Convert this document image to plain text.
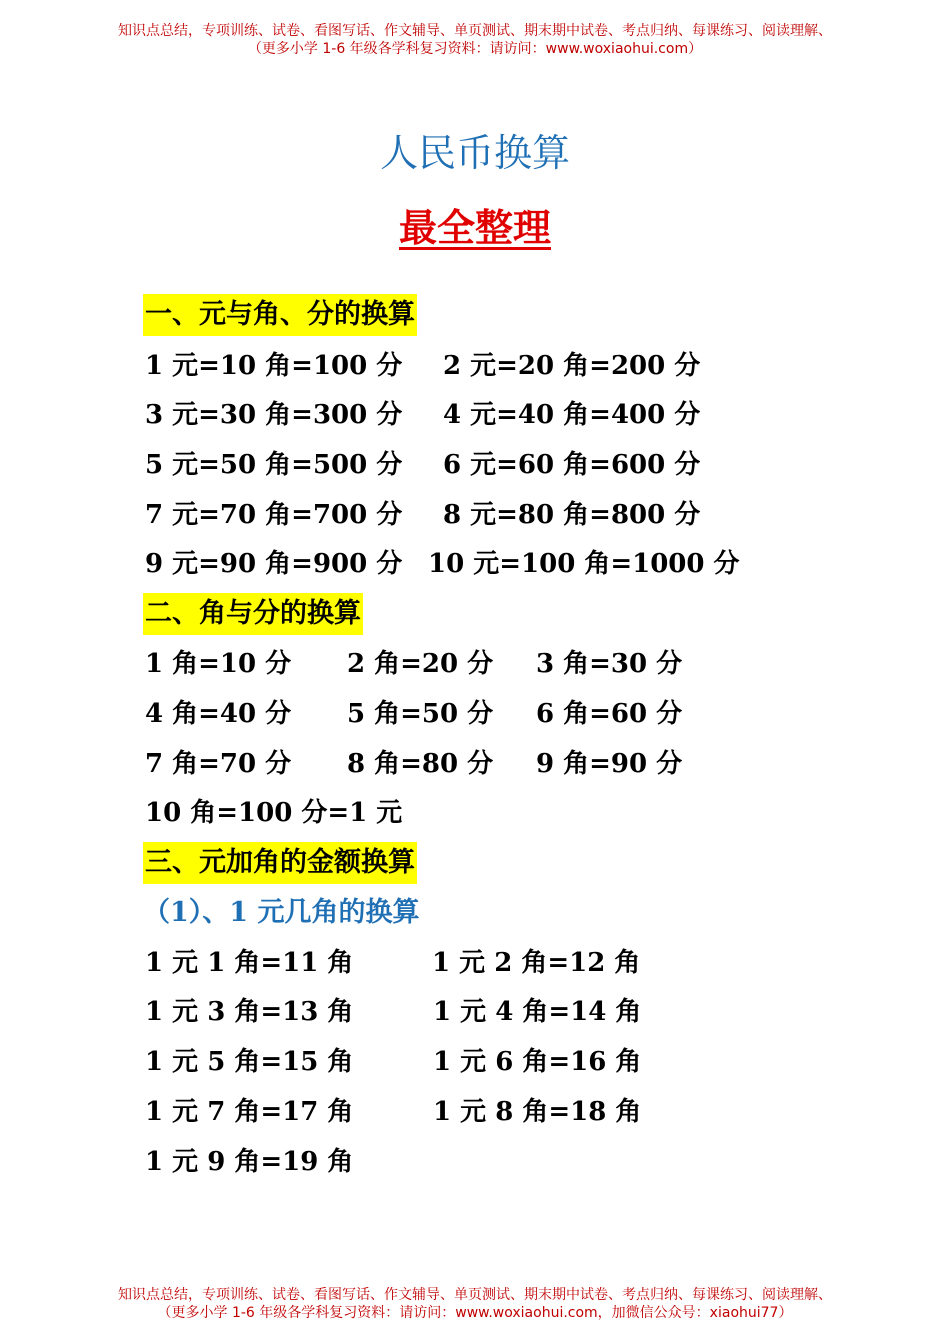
知识点总结，专项训练、试卷、看图写话、作文辅导、单页测试、期末期中试卷、考点归纳、每课练习、阅读理解、
（更多小学 1-6 年级各学科复习资料：请访问：www.woxiaohui.com）
人民币换算
最全整理
一、元与角、分的换算
1 元=10 角=100 分 2 元=20 角=200 分
3 元=30 角=300 分 4 元=40 角=400 分
5 元=50 角=500 分 6 元=60 角=600 分
7 元=70 角=700 分 8 元=80 角=800 分
9 元=90 角=900 分 10 元=100 角=1000 分
二、角与分的换算
1 角=10 分 2 角=20 分 3 角=30 分
4 角=40 分 5 角=50 分 6 角=60 分
7 角=70 分 8 角=80 分 9 角=90 分
10 角=100 分=1 元
三、元加角的金额换算
（1）、1 元几角的换算
1 元 1 角=11 角	1 元 2 角=12 角
1 元 3 角=13 角	1 元 4 角=14 角
1 元 5 角=15 角	1 元 6 角=16 角
1 元 7 角=17 角	1 元 8 角=18 角
1 元 9 角=19 角
知识点总结，专项训练、试卷、看图写话、作文辅导、单页测试、期末期中试卷、考点归纳、每课练习、阅读理解、
（更多小学 1-6 年级各学科复习资料：请访问：www.woxiaohui.com，加微信公众号：xiaohui77）
